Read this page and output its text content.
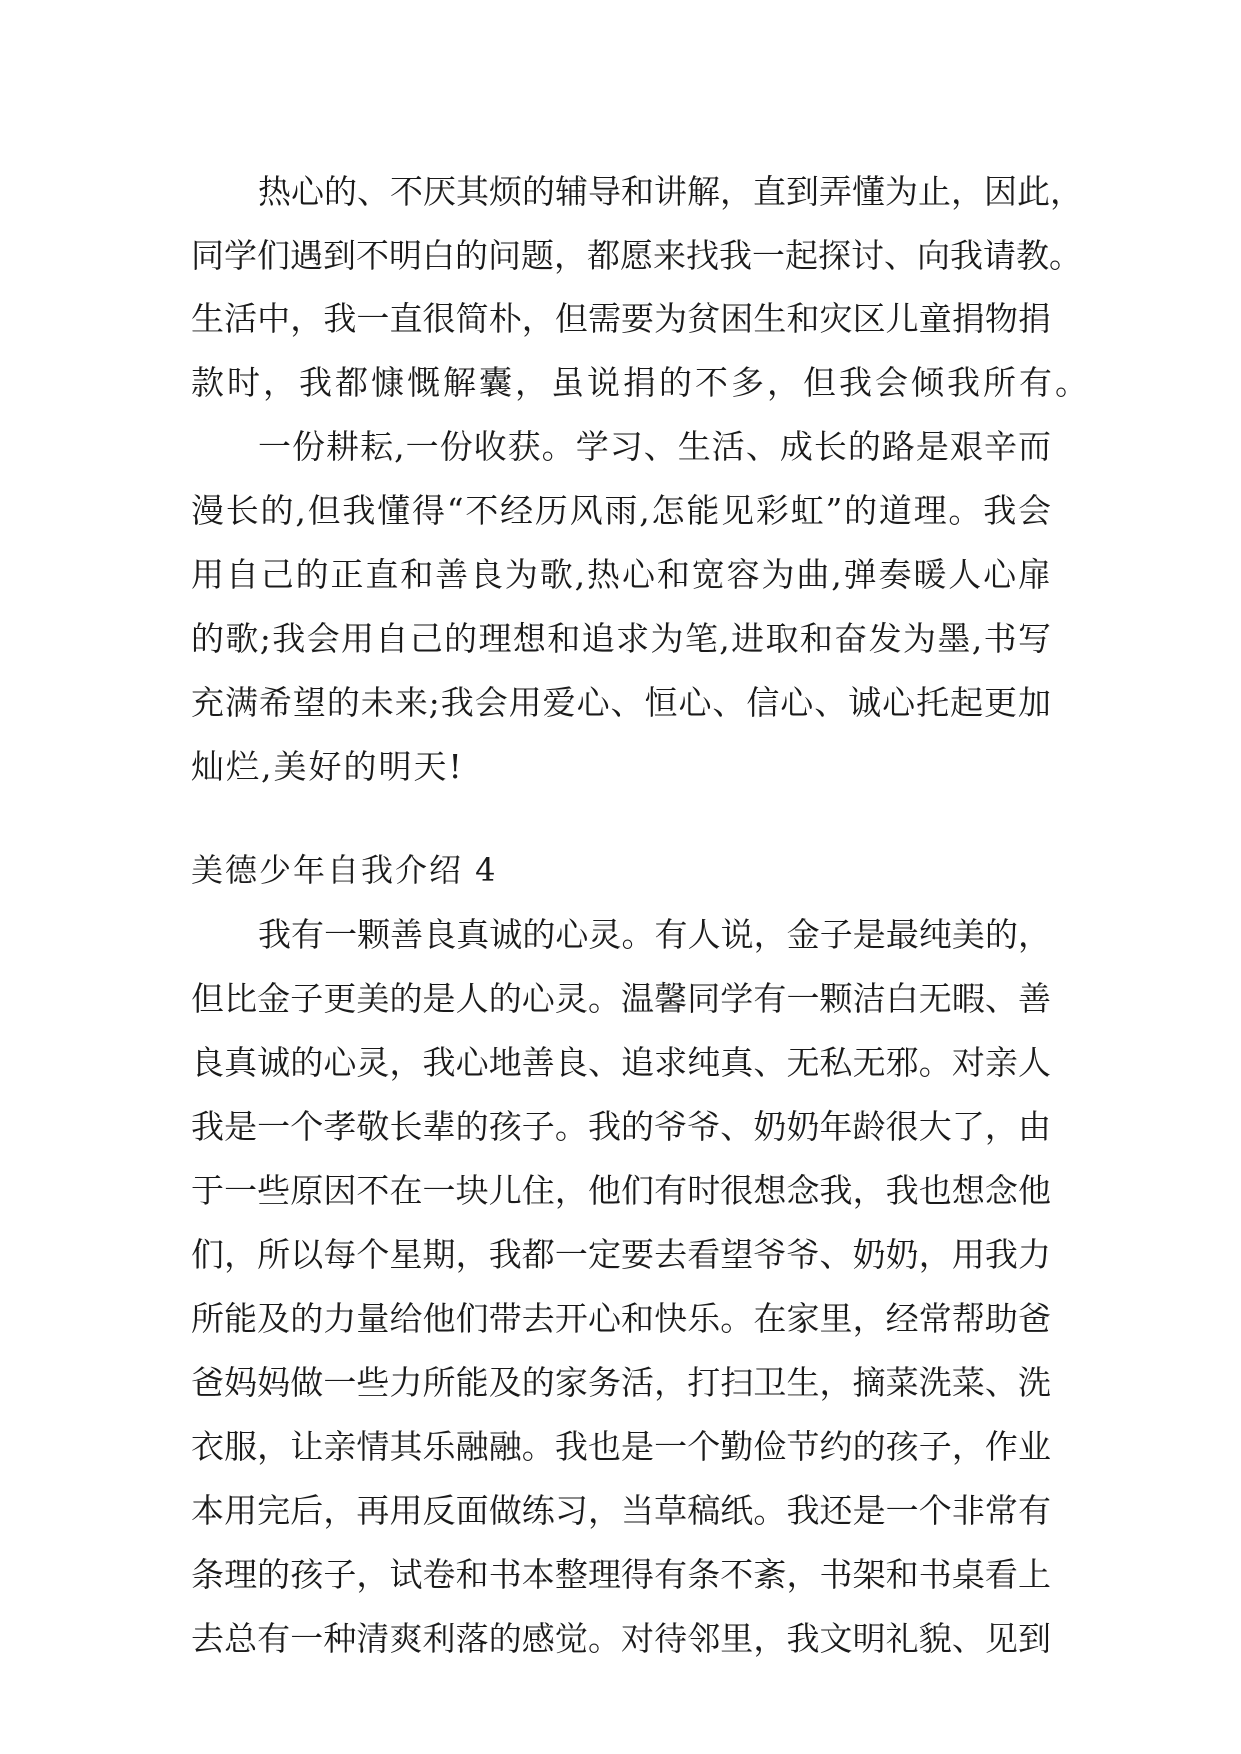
热心的、不厌其烦的辅导和讲解，直到弄懂为止，因此，
同学们遇到不明白的问题，都愿来找我一起探讨、向我请教。
生活中，我一直很简朴，但需要为贫困生和灾区儿童捐物捐
款时，我都慷慨解囊，虽说捐的不多，但我会倾我所有。
一份耕耘,一份收获。学习、生活、成长的路是艰辛而
漫长的,但我懂得“不经历风雨,怎能见彩虹”的道理。我会
用自己的正直和善良为歌,热心和宽容为曲,弹奏暖人心扉
的歌;我会用自己的理想和追求为笔,进取和奋发为墨,书写
充满希望的未来;我会用爱心、恒心、信心、诚心托起更加
灿烂,美好的明天!
美德少年自我介绍 4
我有一颗善良真诚的心灵。有人说，金子是最纯美的，
但比金子更美的是人的心灵。温馨同学有一颗洁白无暇、善
良真诚的心灵，我心地善良、追求纯真、无私无邪。对亲人
我是一个孝敬长辈的孩子。我的爷爷、奶奶年龄很大了，由
于一些原因不在一块儿住，他们有时很想念我，我也想念他
们，所以每个星期，我都一定要去看望爷爷、奶奶，用我力
所能及的力量给他们带去开心和快乐。在家里，经常帮助爸
爸妈妈做一些力所能及的家务活，打扫卫生，摘菜洗菜、洗
衣服，让亲情其乐融融。我也是一个勤俭节约的孩子，作业
本用完后，再用反面做练习，当草稿纸。我还是一个非常有
条理的孩子，试卷和书本整理得有条不紊，书架和书桌看上
去总有一种清爽利落的感觉。对待邻里，我文明礼貌、见到
